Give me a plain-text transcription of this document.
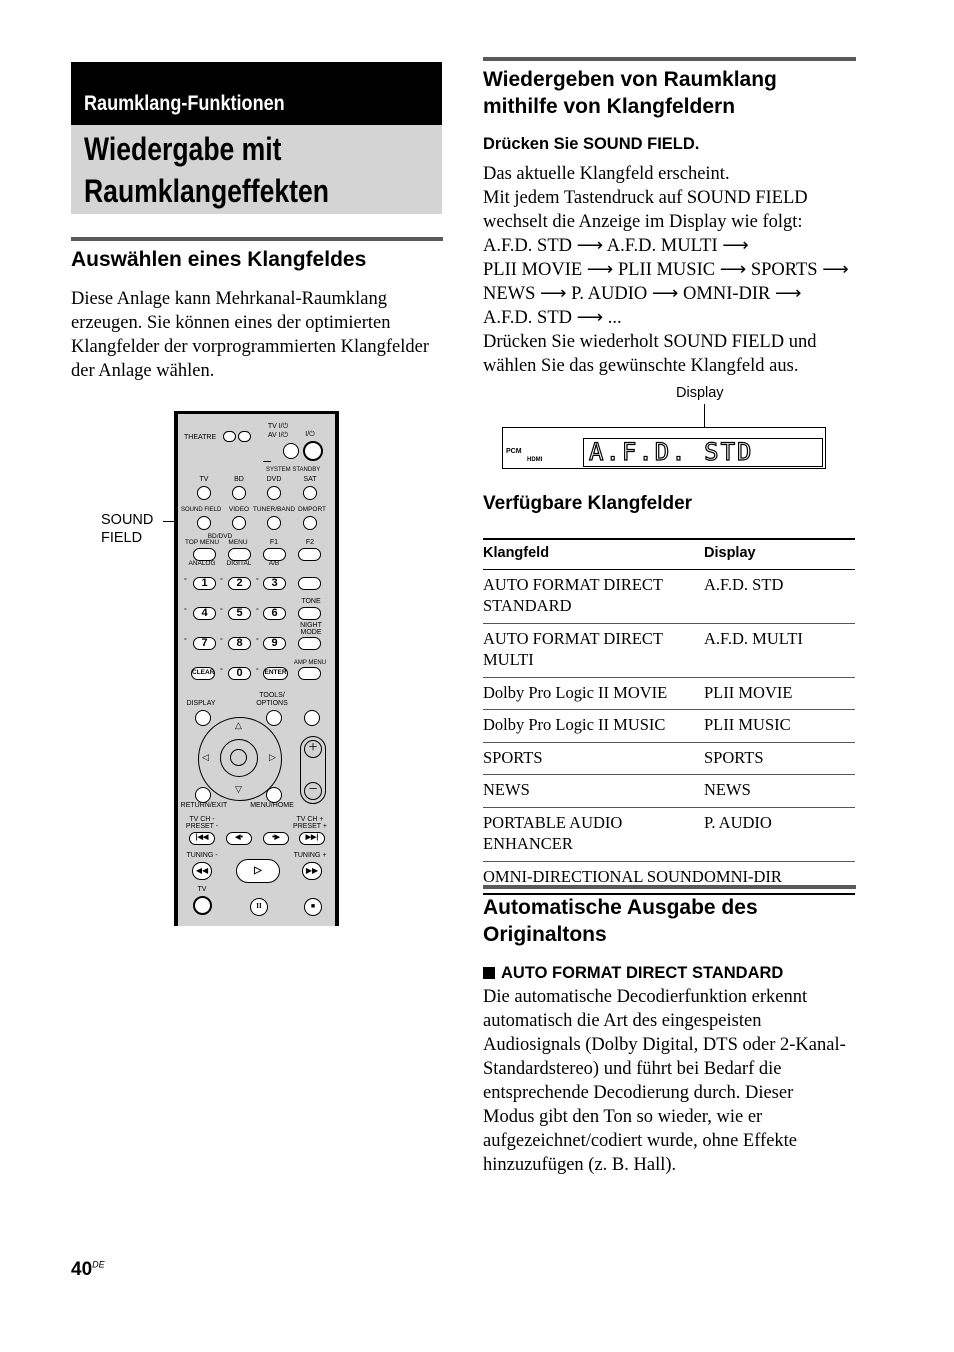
Raumklang-Funktionen
Wiedergabe mit
Raumklangeffekten
Auswählen eines Klangfeldes
Diese Anlage kann Mehrkanal-Raumklang erzeugen. Sie können eines der optimierten Klangfelder der vorprogrammierten Klangfelder der Anlage wählen.
SOUND
FIELD
THEATRE
TV I/⏻
AV I/⏻	I/⏻
SYSTEM STANDBY
TV	BD	DVD	SAT
SOUND FIELD VIDEO TUNER/BAND DMPORT
BD/DVD
TOP MENU	MENU	F1	F2
ANALOG	DIGITAL	A/B
°	1	°	2	°	3
TONE
°	4	°	5	°	6
NIGHT
MODE
°	7	°	8	°	9
AMP MENU
CLEAR °	0	° ENTER
DISPLAY
TOOLS/
OPTIONS
△
▽
◁	▷
+
−
RETURN/EXIT	MENU/HOME
TV CH -
PRESET -
TV CH +
PRESET +
|◀◀	◀•	•▶	▶▶|
TUNING -	TUNING +
◀◀	▷	▶▶
TV
II	■
Wiedergeben von Raumklang
mithilfe von Klangfeldern
Drücken Sie SOUND FIELD.
Das aktuelle Klangfeld erscheint.
Mit jedem Tastendruck auf SOUND FIELD
wechselt die Anzeige im Display wie folgt:
A.F.D. STD ⟶ A.F.D. MULTI ⟶
PLII MOVIE ⟶ PLII MUSIC ⟶ SPORTS ⟶
NEWS ⟶ P. AUDIO ⟶ OMNI-DIR ⟶
A.F.D. STD ⟶ ...
Drücken Sie wiederholt SOUND FIELD und
wählen Sie das gewünschte Klangfeld aus.
Display
PCM
HDMI A.F.D. STD
Verfügbare Klangfelder
Klangfeld	Display
AUTO FORMAT DIRECT STANDARD	A.F.D. STD
AUTO FORMAT DIRECT MULTI	A.F.D. MULTI
Dolby Pro Logic II MOVIE	PLII MOVIE
Dolby Pro Logic II MUSIC	PLII MUSIC
SPORTS	SPORTS
NEWS	NEWS
PORTABLE AUDIO ENHANCER	P. AUDIO
OMNI-DIRECTIONAL SOUND	OMNI-DIR
Automatische Ausgabe des
Originaltons
AUTO FORMAT DIRECT STANDARD
Die automatische Decodierfunktion erkennt
automatisch die Art des eingespeisten
Audiosignals (Dolby Digital, DTS oder 2-Kanal-
Standardstereo) und führt bei Bedarf die
entsprechende Decodierung durch. Dieser
Modus gibt den Ton so wieder, wie er
aufgezeichnet/codiert wurde, ohne Effekte
hinzuzufügen (z. B. Hall).
40DE
